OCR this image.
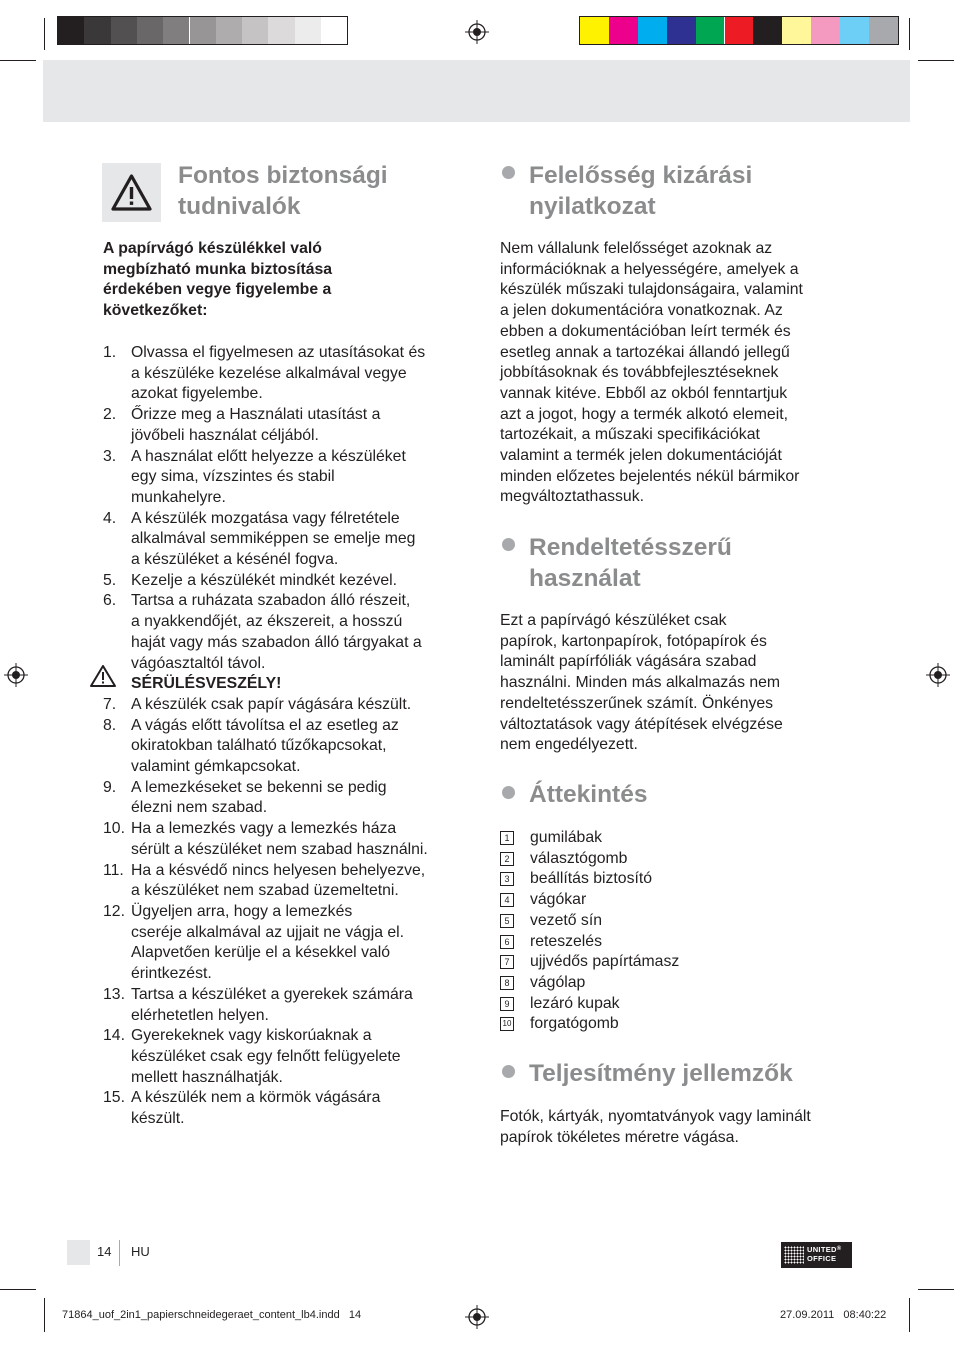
Fontos biztonsági
tudnivalók
A papírvágó készülékkel való
megbízható munka biztosítása
érdekében vegye figyelembe a
következőket:
1. Olvassa el figyelmesen az utasításokat és
a készüléke kezelése alkalmával vegye
azokat figyelembe.
2. Őrizze meg a Használati utasítást a
jövőbeli használat céljából.
3. A használat előtt helyezze a készüléket
egy sima, vízszintes és stabil
munkahelyre.
4. A készülék mozgatása vagy félretétele
alkalmával semmiképpen se emelje meg
a készüléket a késénél fogva.
5. Kezelje a készülékét mindkét kezével.
6. Tartsa a ruházata szabadon álló részeit,
a nyakkendőjét, az ékszereit, a hosszú
haját vagy más szabadon álló tárgyakat a
vágóasztaltól távol.
SÉRÜLÉSVESZÉLY!
7. A készülék csak papír vágására készült.
8. A vágás előtt távolítsa el az esetleg az
okiratokban található tűzőkapcsokat,
valamint gémkapcsokat.
9. A lemezkéseket se bekenni se pedig
élezni nem szabad.
10. Ha a lemezkés vagy a lemezkés háza
sérült a készüléket nem szabad használni.
11. Ha a késvédő nincs helyesen behelyezve,
a készüléket nem szabad üzemeltetni.
12. Ügyeljen arra, hogy a lemezkés
cseréje alkalmával az ujjait ne vágja el.
Alapvetően kerülje el a késekkel való
érintkezést.
13. Tartsa a készüléket a gyerekek számára
elérhetetlen helyen.
14. Gyerekeknek vagy kiskorúaknak a
készüléket csak egy felnőtt felügyelete
mellett használhatják.
15. A készülék nem a körmök vágására
készült.
Felelősség kizárási
nyilatkozat
Nem vállalunk felelősséget azoknak az
információknak a helyességére, amelyek a
készülék műszaki tulajdonságaira, valamint
a jelen dokumentációra vonatkoznak. Az
ebben a dokumentációban leírt termék és
esetleg annak a tartozékai állandó jellegű
jobbításoknak és továbbfejlesztéseknek
vannak kitéve. Ebből az okból fenntartjuk
azt a jogot, hogy a termék alkotó elemeit,
tartozékait, a műszaki specifikációkat
valamint a termék jelen dokumentációját
minden előzetes bejelentés nékül bármikor
megváltoztathassuk.
Rendeltetésszerű
használat
Ezt a papírvágó készüléket csak
papírok, kartonpapírok, fotópapírok és
laminált papírfóliák vágására szabad
használni. Minden más alkalmazás nem
rendeltetésszerűnek számít. Önkényes
változtatások vagy átépítések elvégzése
nem engedélyezett.
Áttekintés
1 gumilábak
2 választógomb
3 beállítás biztosító
4 vágókar
5 vezető sín
6 reteszelés
7 ujjvédős papírtámasz
8 vágólap
9 lezáró kupak
10 forgatógomb
Teljesítmény jellemzők
Fotók, kártyák, nyomtatványok vagy laminált
papírok tökéletes méretre vágása.
14 HU	UNITED®
OFFICE
71864_uof_2in1_papierschneidegeraet_content_lb4.indd   14	27.09.2011   08:40:22
